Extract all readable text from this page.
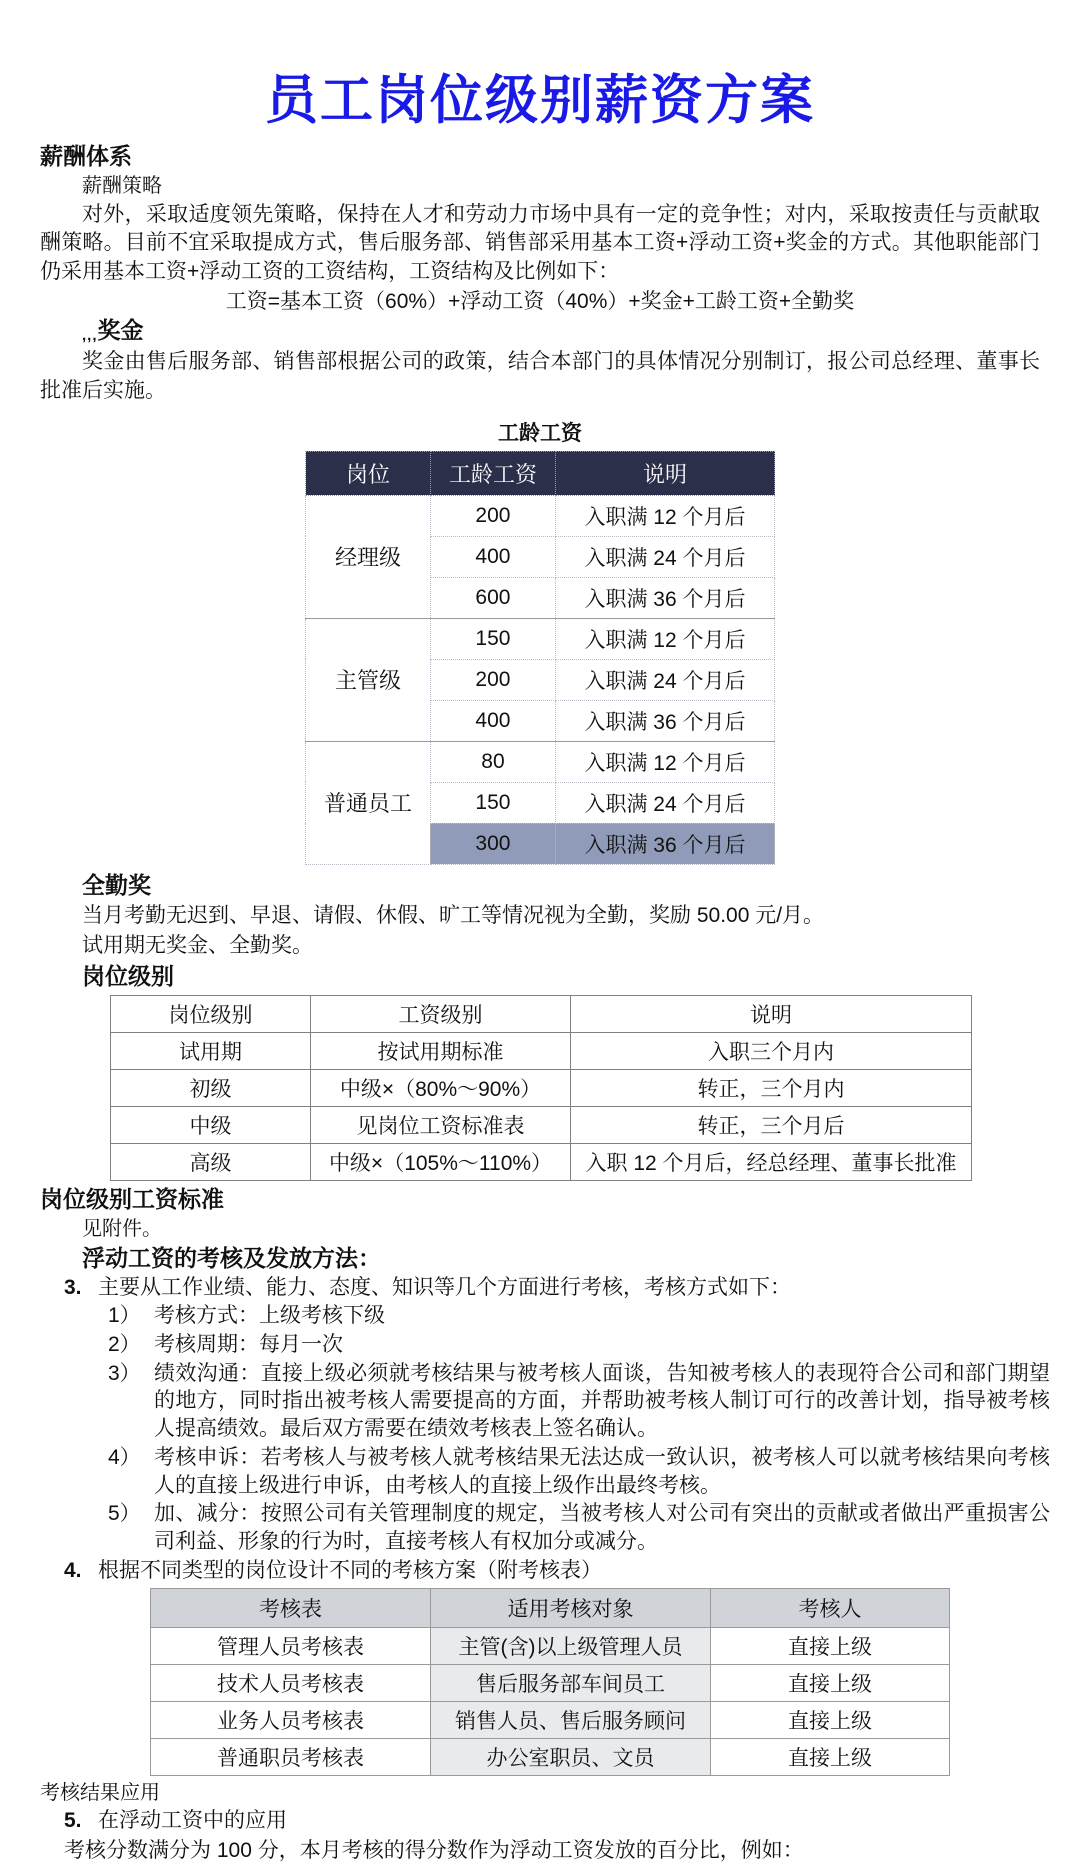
员工岗位级别薪资方案
薪酬体系
薪酬策略
对外，采取适度领先策略，保持在人才和劳动力市场中具有一定的竞争性；对内，采取按责任与贡献取酬策略。目前不宜采取提成方式，售后服务部、销售部采用基本工资+浮动工资+奖金的方式。其他职能部门仍采用基本工资+浮动工资的工资结构，工资结构及比例如下：
工资=基本工资（60%）+浮动工资（40%）+奖金+工龄工资+全勤奖
,,,奖金
奖金由售后服务部、销售部根据公司的政策，结合本部门的具体情况分别制订，报公司总经理、董事长批准后实施。
工龄工资
岗位	工龄工资	说明
经理级	200	入职满 12 个月后
	400	入职满 24 个月后
	600	入职满 36 个月后
主管级	150	入职满 12 个月后
	200	入职满 24 个月后
	400	入职满 36 个月后
普通员工	80	入职满 12 个月后
	150	入职满 24 个月后
	300	入职满 36 个月后
全勤奖
当月考勤无迟到、早退、请假、休假、旷工等情况视为全勤，奖励 50.00 元/月。
试用期无奖金、全勤奖。
岗位级别
岗位级别	工资级别	说明
试用期	按试用期标准	入职三个月内
初级	中级×（80%～90%）	转正，三个月内
中级	见岗位工资标准表	转正，三个月后
高级	中级×（105%～110%）	入职 12 个月后，经总经理、董事长批准
岗位级别工资标准
见附件。
浮动工资的考核及发放方法：
3. 主要从工作业绩、能力、态度、知识等几个方面进行考核，考核方式如下：
1） 考核方式：上级考核下级
2） 考核周期：每月一次
3） 绩效沟通：直接上级必须就考核结果与被考核人面谈，告知被考核人的表现符合公司和部门期望的地方，同时指出被考核人需要提高的方面，并帮助被考核人制订可行的改善计划，指导被考核人提高绩效。最后双方需要在绩效考核表上签名确认。
4） 考核申诉：若考核人与被考核人就考核结果无法达成一致认识，被考核人可以就考核结果向考核人的直接上级进行申诉，由考核人的直接上级作出最终考核。
5） 加、减分：按照公司有关管理制度的规定，当被考核人对公司有突出的贡献或者做出严重损害公司利益、形象的行为时，直接考核人有权加分或减分。
4. 根据不同类型的岗位设计不同的考核方案（附考核表）
考核表	适用考核对象	考核人
管理人员考核表	主管(含)以上级管理人员	直接上级
技术人员考核表	售后服务部车间员工	直接上级
业务人员考核表	销售人员、售后服务顾问	直接上级
普通职员考核表	办公室职员、文员	直接上级
考核结果应用
5. 在浮动工资中的应用
考核分数满分为 100 分，本月考核的得分数作为浮动工资发放的百分比，例如：
